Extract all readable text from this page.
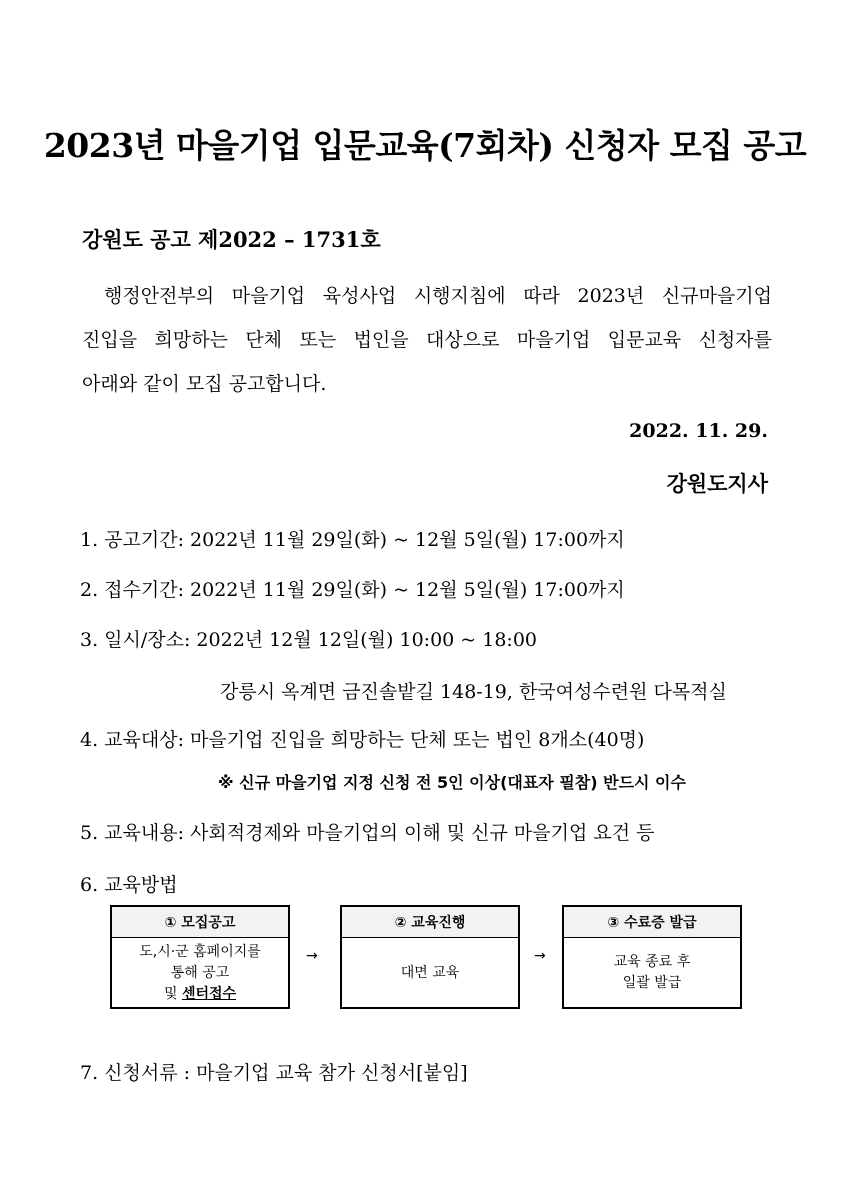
2023년 마을기업 입문교육(7회차) 신청자 모집 공고
강원도 공고 제2022 – 1731호
행정안전부의 마을기업 육성사업 시행지침에 따라 2023년 신규마을기업
진입을 희망하는 단체 또는 법인을 대상으로 마을기업 입문교육 신청자를
아래와 같이 모집 공고합니다.
2022. 11. 29.
강원도지사
1. 공고기간: 2022년 11월 29일(화) ~ 12월 5일(월) 17:00까지
2. 접수기간: 2022년 11월 29일(화) ~ 12월 5일(월) 17:00까지
3. 일시/장소: 2022년 12월 12일(월) 10:00 ~ 18:00
강릉시 옥계면 금진솔밭길 148-19, 한국여성수련원 다목적실
4. 교육대상: 마을기업 진입을 희망하는 단체 또는 법인 8개소(40명)
※ 신규 마을기업 지정 신청 전 5인 이상(대표자 필참) 반드시 이수
5. 교육내용: 사회적경제와 마을기업의 이해 및 신규 마을기업 요건 등
6. 교육방법
① 모집공고
도,시·군 홈페이지를
통해 공고
및 센터접수
→
② 교육진행
대면 교육
→
③ 수료증 발급
교육 종료 후
일괄 발급
7. 신청서류 : 마을기업 교육 참가 신청서[붙임]
